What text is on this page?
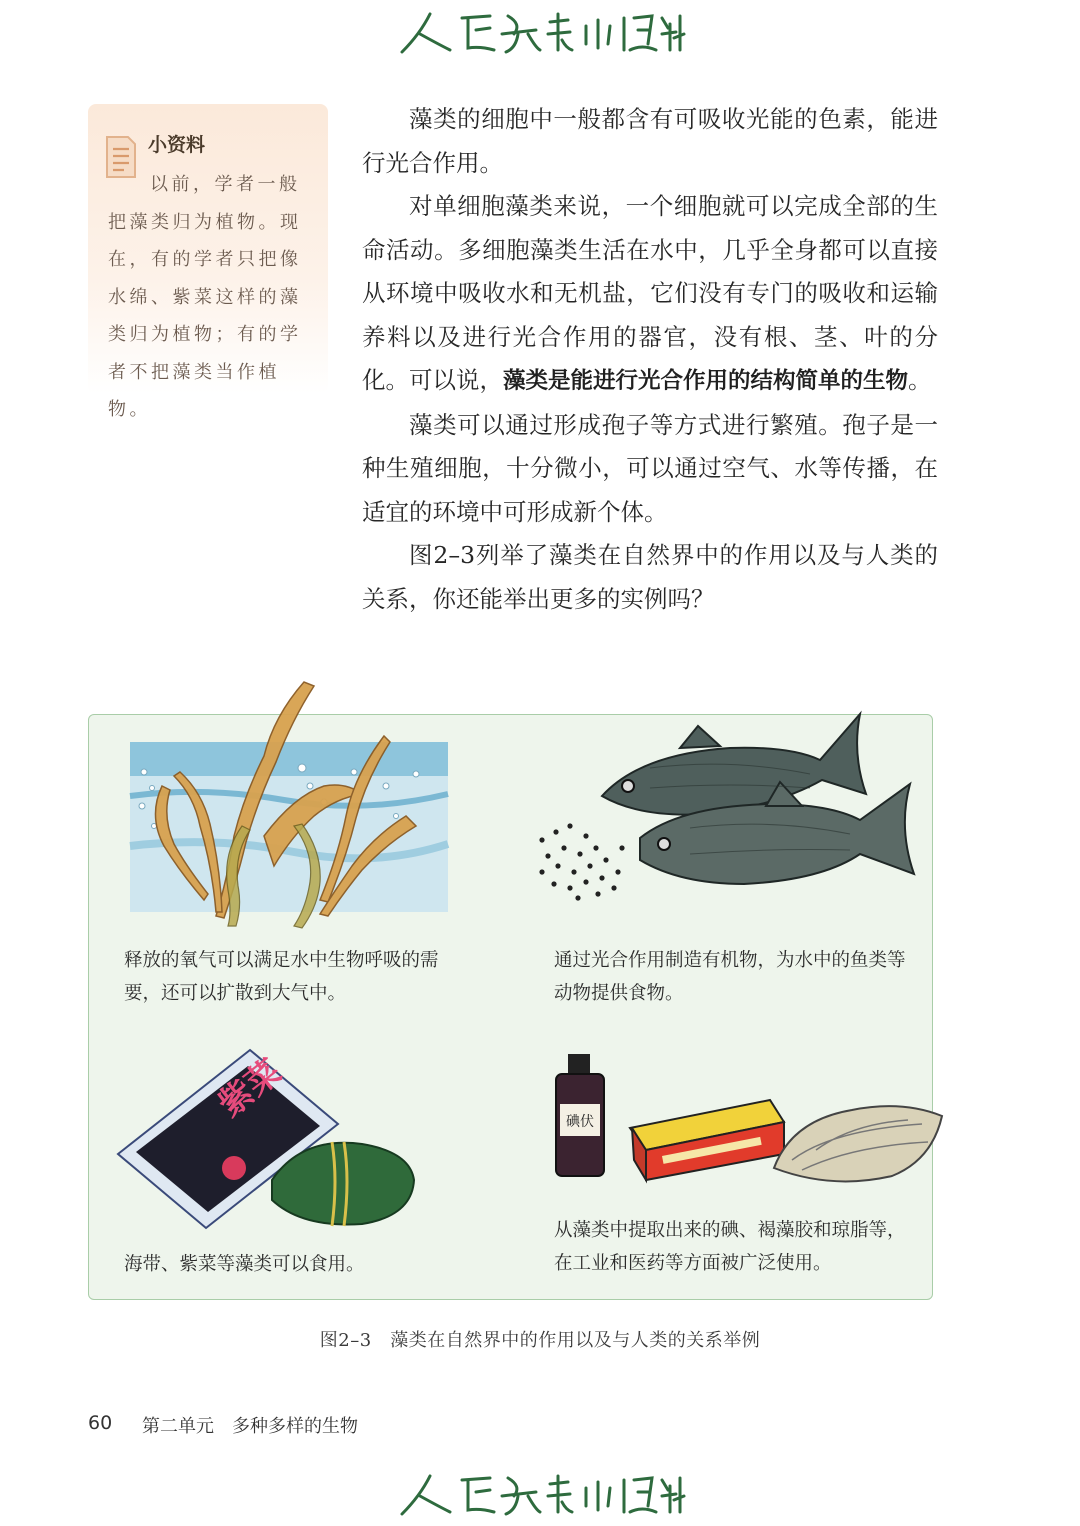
小资料
以前，学者一般把藻类归为植物。现在，有的学者只把像水绵、紫菜这样的藻类归为植物；有的学者不把藻类当作植物。

藻类的细胞中一般都含有可吸收光能的色素，能进行光合作用。

对单细胞藻类来说，一个细胞就可以完成全部的生命活动。多细胞藻类生活在水中，几乎全身都可以直接从环境中吸收水和无机盐，它们没有专门的吸收和运输养料以及进行光合作用的器官，没有根、茎、叶的分化。可以说，藻类是能进行光合作用的结构简单的生物。

藻类可以通过形成孢子等方式进行繁殖。孢子是一种生殖细胞，十分微小，可以通过空气、水等传播，在适宜的环境中可形成新个体。

图2–3列举了藻类在自然界中的作用以及与人类的关系，你还能举出更多的实例吗？

紫菜	碘伏
释放的氧气可以满足水中生物呼吸的需要，还可以扩散到大气中。
通过光合作用制造有机物，为水中的鱼类等动物提供食物。
海带、紫菜等藻类可以食用。
从藻类中提取出来的碘、褐藻胶和琼脂等，在工业和医药等方面被广泛使用。
图2–3　藻类在自然界中的作用以及与人类的关系举例
60 第二单元　多种多样的生物
